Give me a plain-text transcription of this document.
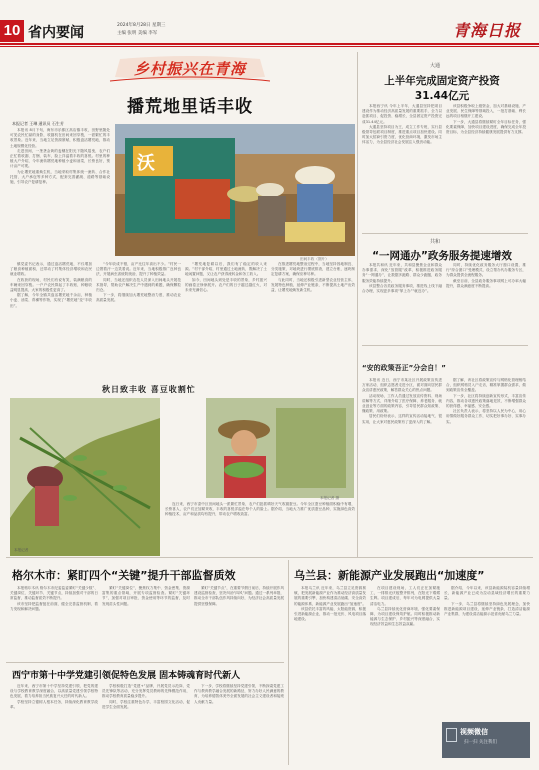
10 省内要闻	2024年8月28日 星期三
主编 张明 美编 李军	青海日报
乡村振兴在青海
播荒地里话丰收
本报记者 王琳 通讯员 石生芳

本报讯 8月下旬，海东市乐都区高店镇丰收，田野里随处可见农民忙碌的身影，收割机在田间来回穿梭，一派繁忙的丰收景象。近年来，当地立足资源禀赋，积极盘活撂荒地，推动土地规模化经营。

走进田间，一垄垄金黄的麦穗在阳光下随风摇曳，农户们正忙着收割、打捆、装车，脸上洋溢着丰收的喜悦。村里的种植大户介绍，今年流转撂荒地种植小麦和油菜，长势良好，预计亩产可观。

为让撂荒地重焕生机，当地采取村集体统一流转、合作社托管、大户承包等多种方式，配套完善灌溉、道路等基础设施，引导农户复耕复种。

沃
田间丰收（图片）

镇党委书记表示，通过盘活撂荒地，不仅增加了粮食种植面积，还带动了村集体经济增收和农民就业增收。

在收获的现场，村民们有说有笑，装满粮食的车辆来回穿梭。一户户农民算起了丰收账，种粮收益明显提高，大家的积极性更高了。

据了解，今年全镇共盘活撂荒地千余亩，种植小麦、油菜、青稞等作物，实现了“撂荒地”变“丰收田”。

“今年收成不错，亩产比往年高出不少。”村民一边擦着汗一边笑着说。近年来，当地积极推广良种良法，开展病虫害统防统治，提升了种植效益。

同时，当地还组织农技人员深入田间地头开展技术指导，帮助农户解决生产中遇到的难题，确保颗粒归仓。

下一步，将继续加大撂荒地整治力度，推动农业高质量发展。

“撂荒地复耕以后，我们有了稳定的收入来源。”村干部介绍，村里通过土地流转，既解决了土地闲置问题，又让农户获得流转金和务工收入。

如今，田间地头到处是丰收的景象，乡村振兴的画卷正徐徐展开。农户们的日子越过越红火，对未来充满信心。

在推进撂荒地整治过程中，当地坚持因地制宜、分类施策，对地块进行摸底排查，建立台账，逐块制定复耕方案，确保应种尽种。

与此同时，当地还积极引进新型农业经营主体，发展特色种植，延伸产业链条，不断提高土地产出效益，让撂荒地焕发新生机。

秋日致丰收 喜豆收割忙
本报记者 摄

连日来，西宁市湟中区田间地头一派繁忙景象，农户们抢抓晴好天气收割蚕豆。今年全区蚕豆种植面积稳中有增，长势喜人，农户们正加紧采收，丰收的喜悦洋溢在每个人的脸上。据介绍，当地大力推广优质蚕豆品种，实施绿色高效种植技术，亩产和品质均有提升，带动农户增收致富。

本报记者
大通
上半年完成固定资产投资
31.44亿元

本报西宁讯 今年上半年，大通县坚持把项目建设作为推动经济高质量发展的重要抓手，全力以赴抓项目、促投资、稳增长，全县固定资产投资完成31.44亿元。

大通县坚持项目为王，成立工作专班，实行县级领导包联项目制度，推进重点项目加快建设。同时加大招商引资力度，优化营商环境，激发市场主体活力，为全县经济社会发展注入强劲动能。

该县积极争取上级资金，加大对基础设施、产业发展、民生保障等领域投入，一批打基础、利长远的项目相继开工建设。

下一步，大通县将继续紧盯全年目标任务，强化要素保障，加快项目建设进度，确保完成全年投资目标，为全县经济持续健康发展提供有力支撑。

共和
“一网通办”政务服务提速增效

本报共和讯 近年来，共和县聚焦企业和群众办事需求，深化“放管服”改革，积极推进政务服务“一网通办”，让数据多跑路、群众少跑腿，政务服务效能持续提升。

该县整合各类政务服务事项，推进线上线下融合办理，实现更多事项“掌上办”“就近办”。

同时，持续优化政务服务大厅窗口设置，推行“综合窗口”受理模式，设立帮办代办服务专区，为群众提供全流程服务。

截至目前，全县政务服务事项网上可办率大幅提升，群众满意度不断提高。

“安的政策吾正”分会自！”

本报讯 近日，西宁市某社区开展政策宣传进万家活动，组织志愿者走进小区，面对面向居民群众宣讲惠民政策，解答群众关心的热点问题。

活动现场，工作人员通过发放宣传资料、现场讲解等方式，详细介绍了医疗保障、养老服务、就业创业等方面的政策内容，引导居民群众知政策、懂政策、用政策。

居民们纷纷表示，这样的宣传活动接地气、很实用，让大家对惠民政策有了更深入的了解。

据了解，该社区将政策宣传与网格化管理相结合，组织网格员入户走访，精准掌握群众需求，做到政策宣传全覆盖。

下一步，社区将持续创新宣传形式，丰富宣传内容，推动各项惠民政策落地见效，不断增强群众的获得感、幸福感、安全感。

社区负责人表示，将坚持以人民为中心，用心用情做好服务群众工作，切实把好事办好、实事办实。

格尔木市：紧盯四个“关键”提升干部监督质效

本报格尔木讯 格尔木市纪委监委紧盯“关键少数”、关键岗位、关键环节、关键节点，持续加强对干部的日常监督，推动监督质效不断提升。

该市坚持把监督挺在前面，健全完善监督机制，着力发现和解决问题。

紧盯“关键岗位”，聚焦权力集中、资金密集、资源富集的重点领域，开展专项监督检查。紧盯“关键环节”，加强对项目审批、资金使用等环节的监督，及时发现苗头性问题。

紧盯“关键节点”，在重要节假日前后，持续开展作风建设监督检查，坚决纠治“四风”问题。通过一系列举措，推动全市干部队伍作风持续向好，为经济社会高质量发展提供坚强保障。

西宁市第十中学党建引领促特色发展 固本铸魂育时代新人

近年来，西宁市第十中学坚持党建引领，把党的建设与学校教育教学深度融合，以高质量党建引领学校特色发展，着力培养担当民族复兴大任的时代新人。

学校坚持立德树人根本任务，持续深化教育教学改革。

学校积极打造“党建+”品牌，开展党员示范岗、党员先锋队等活动，充分发挥党员教师的先锋模范作用，推动学校教育质量稳步提升。

同时，学校注重特色办学，丰富校园文化活动，促进学生全面发展。

下一步，学校将继续坚持党建引领，不断探索党建工作与教育教学融合发展的新路径，努力办好人民满意的教育，为培养德智体美劳全面发展的社会主义建设者和接班人贡献力量。

乌兰县：新能源产业发展跑出“加速度”

本报乌兰讯 近年来，乌兰县立足资源禀赋，把发展新能源产业作为推动经济高质量发展的重要引擎，加快构建清洁低碳、安全高效的能源体系，新能源产业发展跑出“加速度”。

该县依托丰富的风能、太阳能资源，积极引进新能源企业，推动一批光伏、风电项目落地建设。

在项目建设现场，工人们正在加紧施工，一排排光伏板整齐排列，在阳光下熠熠生辉。项目建成后，每年可为电网提供大量清洁电力。

乌兰县持续优化营商环境，强化要素保障，为项目建设保驾护航。同时积极推动新能源与生态保护、乡村振兴等深度融合，实现经济效益和生态效益双赢。

据介绍，今年以来，该县新能源装机容量持续增长，新能源产业已成为拉动县域经济增长的重要力量。

下一步，乌兰县将继续坚持绿色发展理念，加快推进新能源项目建设，延伸产业链条，打造清洁能源产业集群，为建设清洁能源示范省贡献乌兰力量。

视频微信
扫一扫 关注我们
